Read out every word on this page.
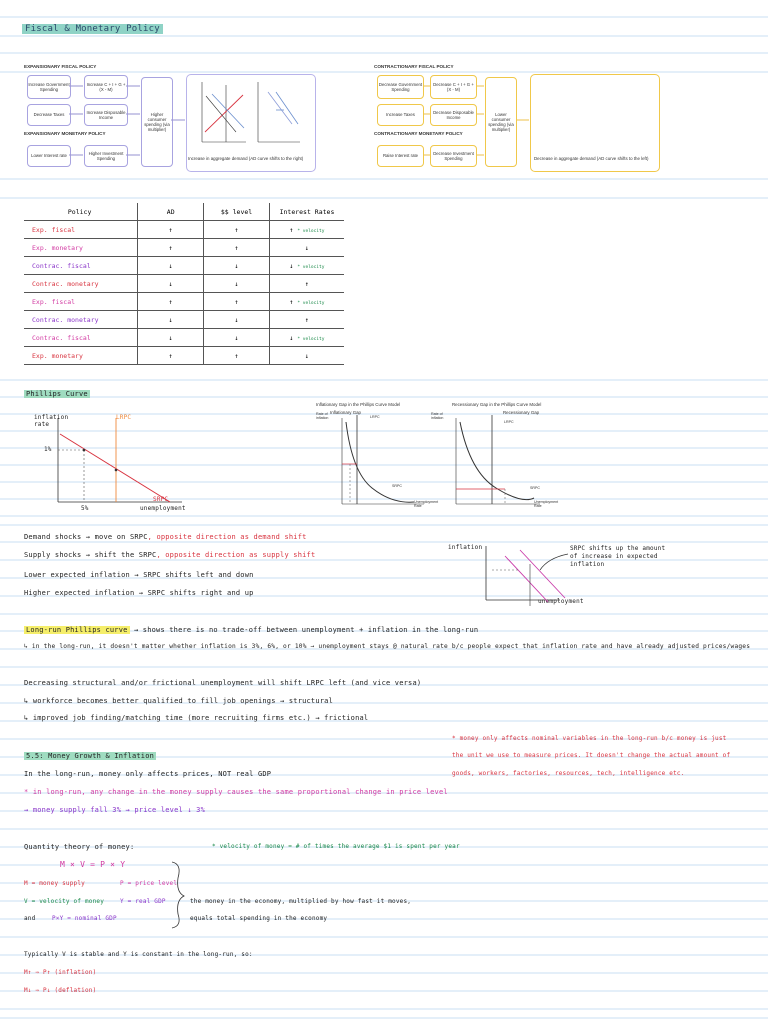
Fiscal & Monetary Policy
EXPANSIONARY FISCAL POLICY
Increase Government Spending
Increase C + I + G + (X - M)
Decrease Taxes
Increase Disposable Income
EXPANSIONARY MONETARY POLICY
Lower Interest rate
Higher Investment Spending
Higher consumer spending (via multiplier)
Increase in aggregate demand (AD curve shifts to the right)
CONTRACTIONARY FISCAL POLICY
Decrease Government Spending
Decrease C + I + G + (X - M)
Increase Taxes
Decrease Disposable Income
CONTRACTIONARY MONETARY POLICY
Raise Interest rate
Decrease Investment Spending
Lower consumer spending (via multiplier)
Decrease in aggregate demand (AD curve shifts to the left)
Policy	AD	$$ level	Interest Rates
Exp. fiscal	↑	↑	↑ * velocity
Exp. monetary	↑	↑	↓
Contrac. fiscal	↓	↓	↓ * velocity
Contrac. monetary	↓	↓	↑
Exp. fiscal	↑	↑	↑ * velocity
Contrac. monetary	↓	↓	↑
Contrac. fiscal	↓	↓	↓ * velocity
Exp. monetary	↑	↑	↓
Phillips Curve
inflation rate
LRPC
SRPC
1%
5%	unemployment
Inflationary Gap in the Phillips Curve Model
Inflationary Gap
Rate of inflation	LRPC
SRPC
Unemployment Rate
Recessionary Gap in the Phillips Curve Model
Recessionary Gap
Rate of inflation
LRPC
SRPC
Unemployment Rate
Demand shocks → move on SRPC, opposite direction as demand shift
Supply shocks → shift the SRPC, opposite direction as supply shift
Lower expected inflation → SRPC shifts left and down
Higher expected inflation → SRPC shifts right and up
inflation	SRPC shifts up the amount of increase in expected inflation
unemployment
Long-run Phillips curve → shows there is no trade-off between unemployment + inflation in the long-run
↳ in the long-run, it doesn't matter whether inflation is 3%, 6%, or 10% → unemployment stays @ natural rate b/c people expect that inflation rate and have already adjusted prices/wages
Decreasing structural and/or frictional unemployment will shift LRPC left (and vice versa)
↳ workforce becomes better qualified to fill job openings → structural
↳ improved job finding/matching time (more recruiting firms etc.) → frictional
* money only affects nominal variables in the long-run b/c money is just
the unit we use to measure prices. It doesn't change the actual amount of
goods, workers, factories, resources, tech, intelligence etc.
5.5: Money Growth & Inflation
In the long-run, money only affects prices, NOT real GDP
* in long-run, any change in the money supply causes the same proportional change in price level
→ money supply fall 3% → price level ↓ 3%
Quantity theory of money:	* velocity of money = # of times the average $1 is spent per year
M × V = P × Y
M = money supply	P = price level
V = velocity of money	Y = real GDP
and	P×Y = nominal GDP
the money in the economy, multiplied by how fast it moves,
equals total spending in the economy
Typically V is stable and Y is constant in the long-run, so:
M↑ ⇒ P↑ (inflation)
M↓ ⇒ P↓ (deflation)
